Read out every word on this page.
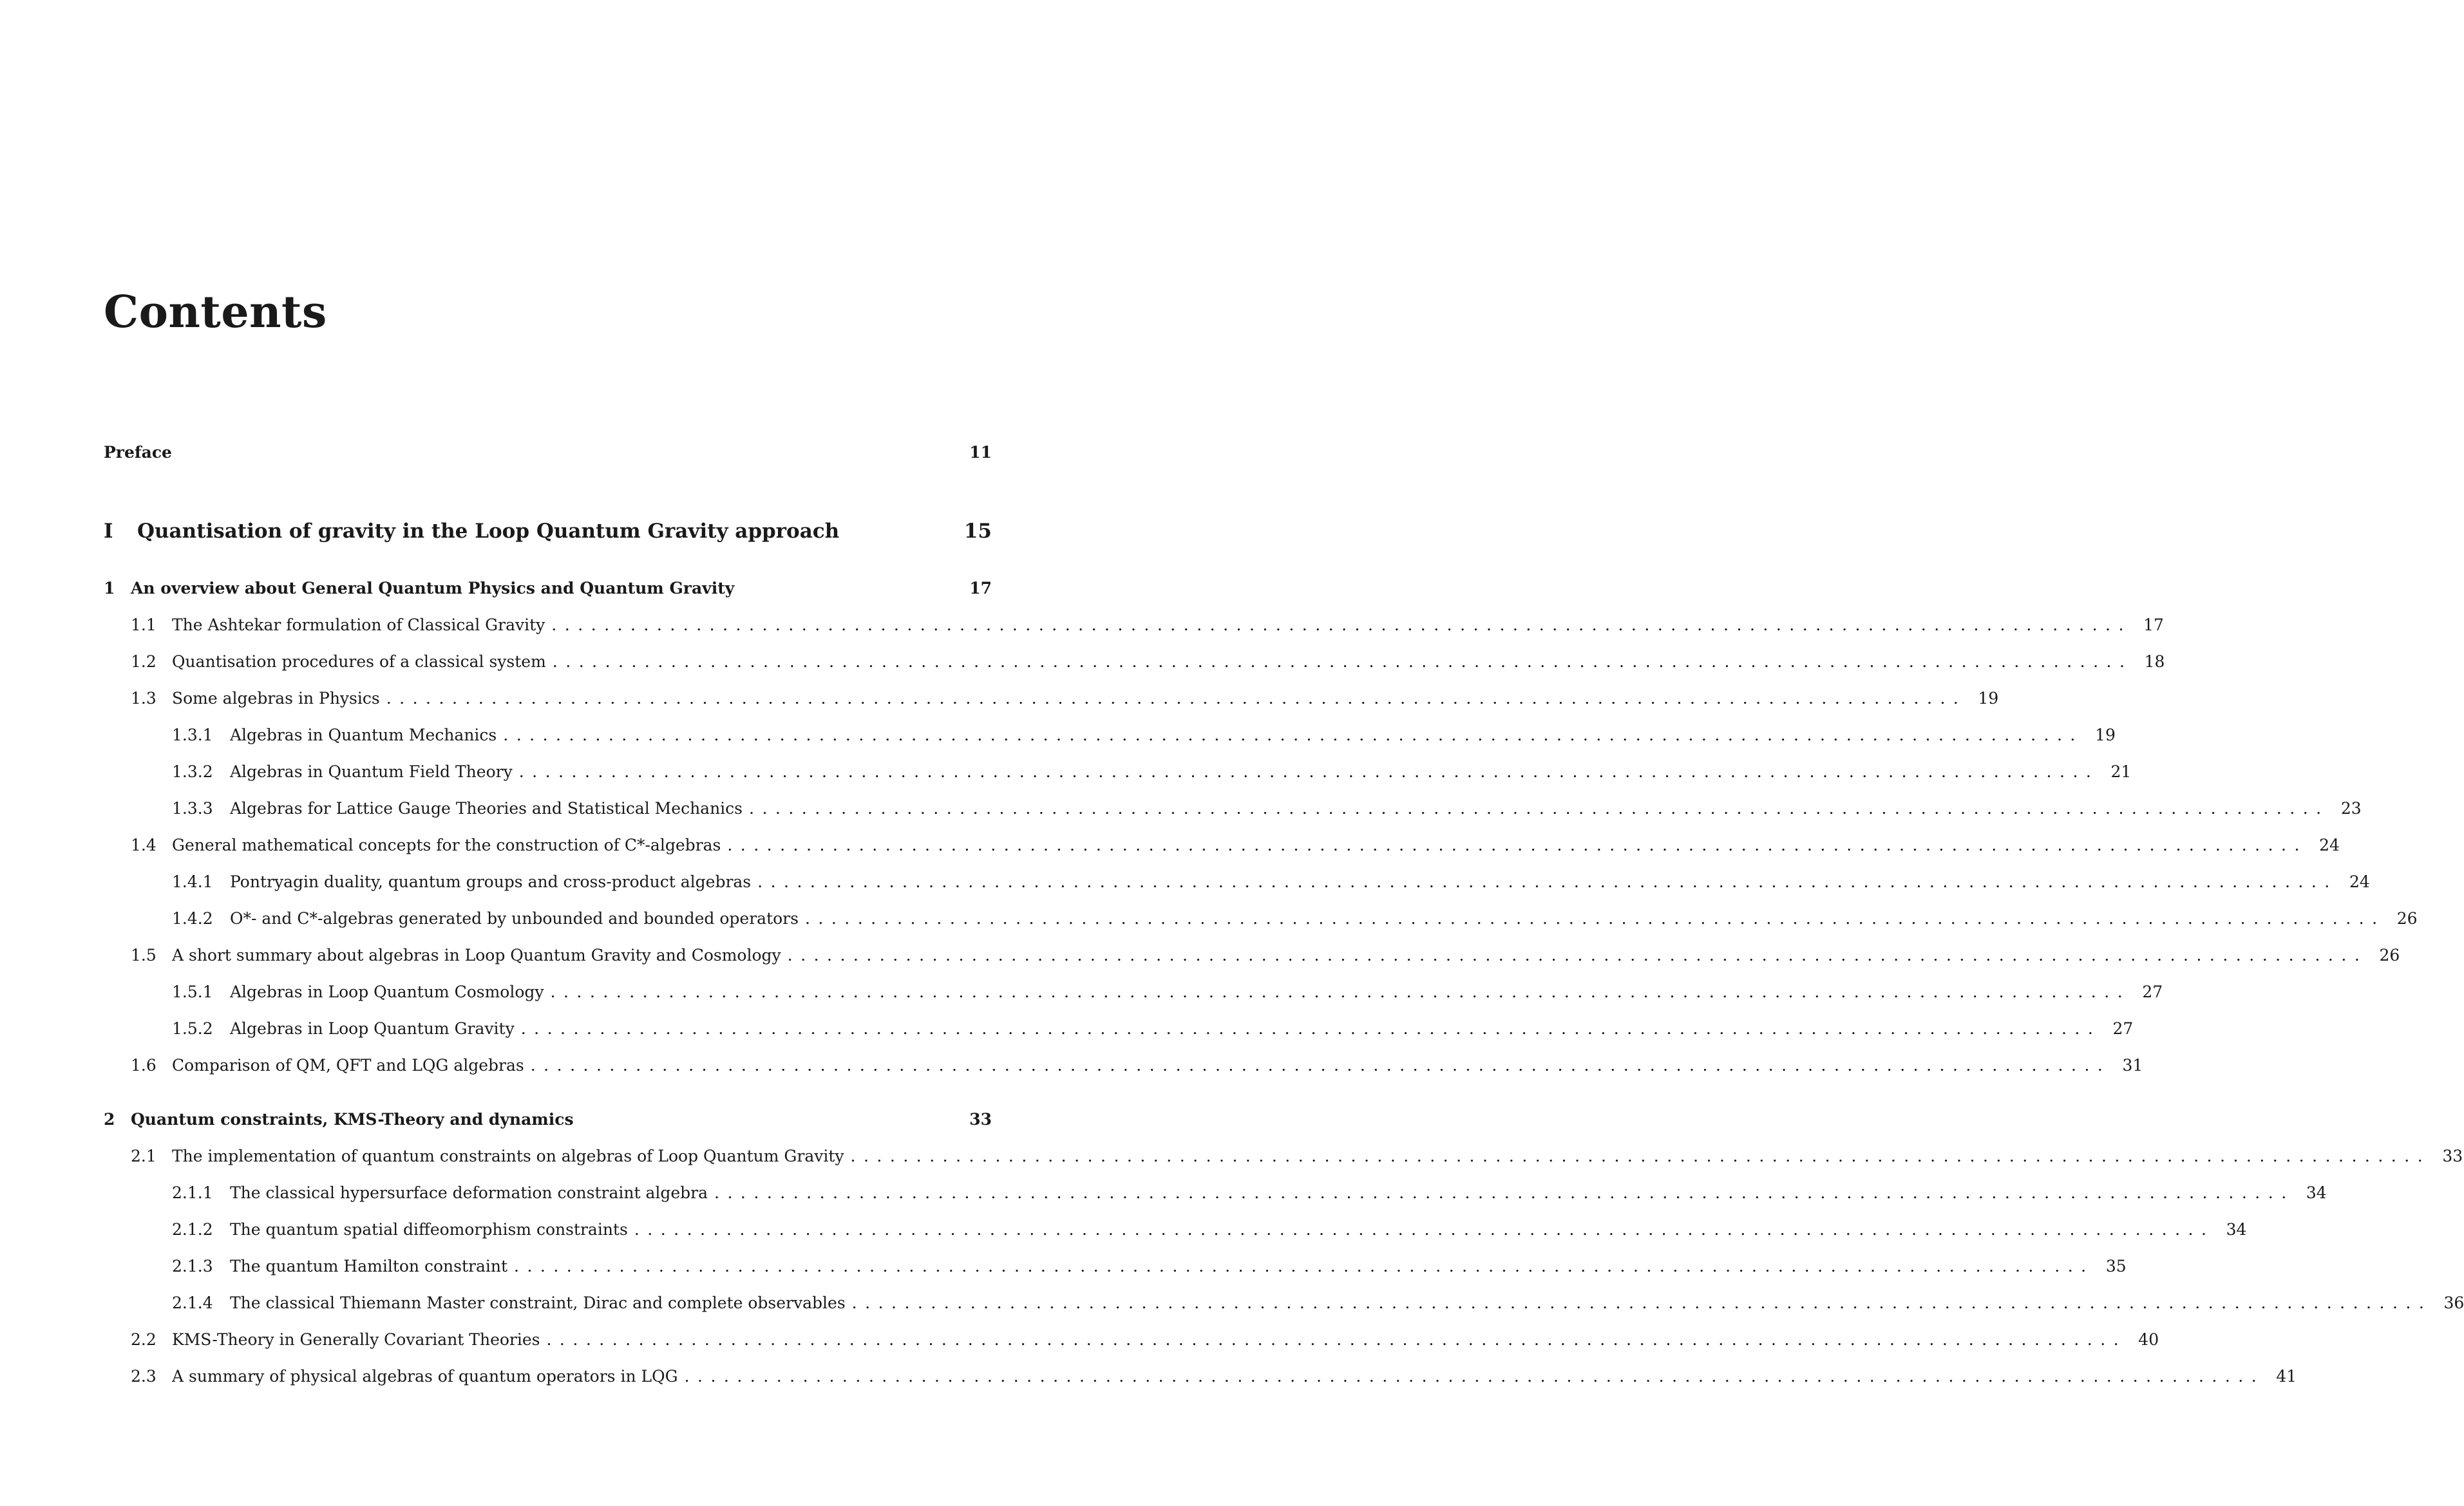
Contents
Preface	11
I	Quantisation of gravity in the Loop Quantum Gravity approach	15
1 An overview about General Quantum Physics and Quantum Gravity	17
1.1 The Ashtekar formulation of Classical Gravity ........................................................................................................................ 17
1.2 Quantisation procedures of a classical system ........................................................................................................................ 18
1.3 Some algebras in Physics ........................................................................................................................ 19
1.3.1	Algebras in Quantum Mechanics ........................................................................................................................ 19
1.3.2	Algebras in Quantum Field Theory ........................................................................................................................ 21
1.3.3	Algebras for Lattice Gauge Theories and Statistical Mechanics ........................................................................................................................ 23
1.4 General mathematical concepts for the construction of C*-algebras ........................................................................................................................ 24
1.4.1	Pontryagin duality, quantum groups and cross-product algebras ........................................................................................................................ 24
1.4.2	O*- and C*-algebras generated by unbounded and bounded operators ........................................................................................................................ 26
1.5 A short summary about algebras in Loop Quantum Gravity and Cosmology ........................................................................................................................ 26
1.5.1	Algebras in Loop Quantum Cosmology ........................................................................................................................ 27
1.5.2	Algebras in Loop Quantum Gravity ........................................................................................................................ 27
1.6 Comparison of QM, QFT and LQG algebras ........................................................................................................................ 31
2 Quantum constraints, KMS-Theory and dynamics	33
2.1 The implementation of quantum constraints on algebras of Loop Quantum Gravity ........................................................................................................................ 33
2.1.1	The classical hypersurface deformation constraint algebra ........................................................................................................................ 34
2.1.2	The quantum spatial diffeomorphism constraints ........................................................................................................................ 34
2.1.3	The quantum Hamilton constraint ........................................................................................................................ 35
2.1.4	The classical Thiemann Master constraint, Dirac and complete observables ........................................................................................................................ 36
2.2 KMS-Theory in Generally Covariant Theories ........................................................................................................................ 40
2.3 A summary of physical algebras of quantum operators in LQG ........................................................................................................................ 41
